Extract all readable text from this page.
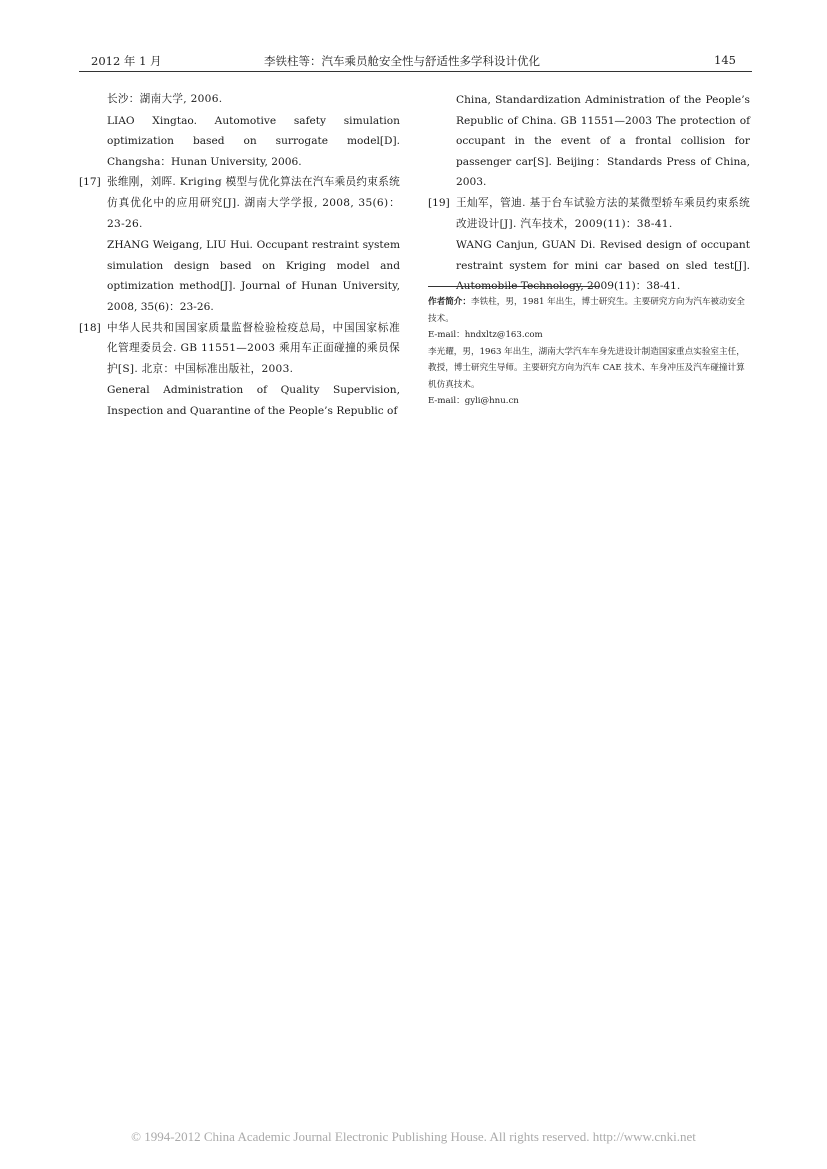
2012 年 1 月	李铁柱等：汽车乘员舱安全性与舒适性多学科设计优化	145
长沙：湖南大学, 2006.
LIAO Xingtao. Automotive safety simulation optimization based on surrogate model[D]. Changsha：Hunan University, 2006.
[17] 张维刚，刘晖. Kriging 模型与优化算法在汽车乘员约束系统仿真优化中的应用研究[J]. 湖南大学学报, 2008, 35(6)：23-26.
ZHANG Weigang, LIU Hui. Occupant restraint system simulation design based on Kriging model and optimization method[J]. Journal of Hunan University, 2008, 35(6)：23-26.
[18] 中华人民共和国国家质量监督检验检疫总局，中国国家标准化管理委员会. GB 11551—2003 乘用车正面碰撞的乘员保护[S]. 北京：中国标准出版社，2003.
General Administration of Quality Supervision, Inspection and Quarantine of the People’s Republic of
China, Standardization Administration of the People’s Republic of China. GB 11551—2003 The protection of occupant in the event of a frontal collision for passenger car[S]. Beijing：Standards Press of China, 2003.
[19] 王灿军，管迪. 基于台车试验方法的某微型轿车乘员约束系统改进设计[J]. 汽车技术，2009(11)：38-41.
WANG Canjun, GUAN Di. Revised design of occupant restraint system for mini car based on sled test[J]. Automobile Technology, 2009(11)：38-41.
作者简介：李铁柱，男，1981 年出生，博士研究生。主要研究方向为汽车被动安全技术。
E-mail：hndxltz@163.com
李光耀，男，1963 年出生，湖南大学汽车车身先进设计制造国家重点实验室主任，教授，博士研究生导师。主要研究方向为汽车 CAE 技术、车身冲压及汽车碰撞计算机仿真技术。
E-mail：gyli@hnu.cn
© 1994-2012 China Academic Journal Electronic Publishing House. All rights reserved. http://www.cnki.net
